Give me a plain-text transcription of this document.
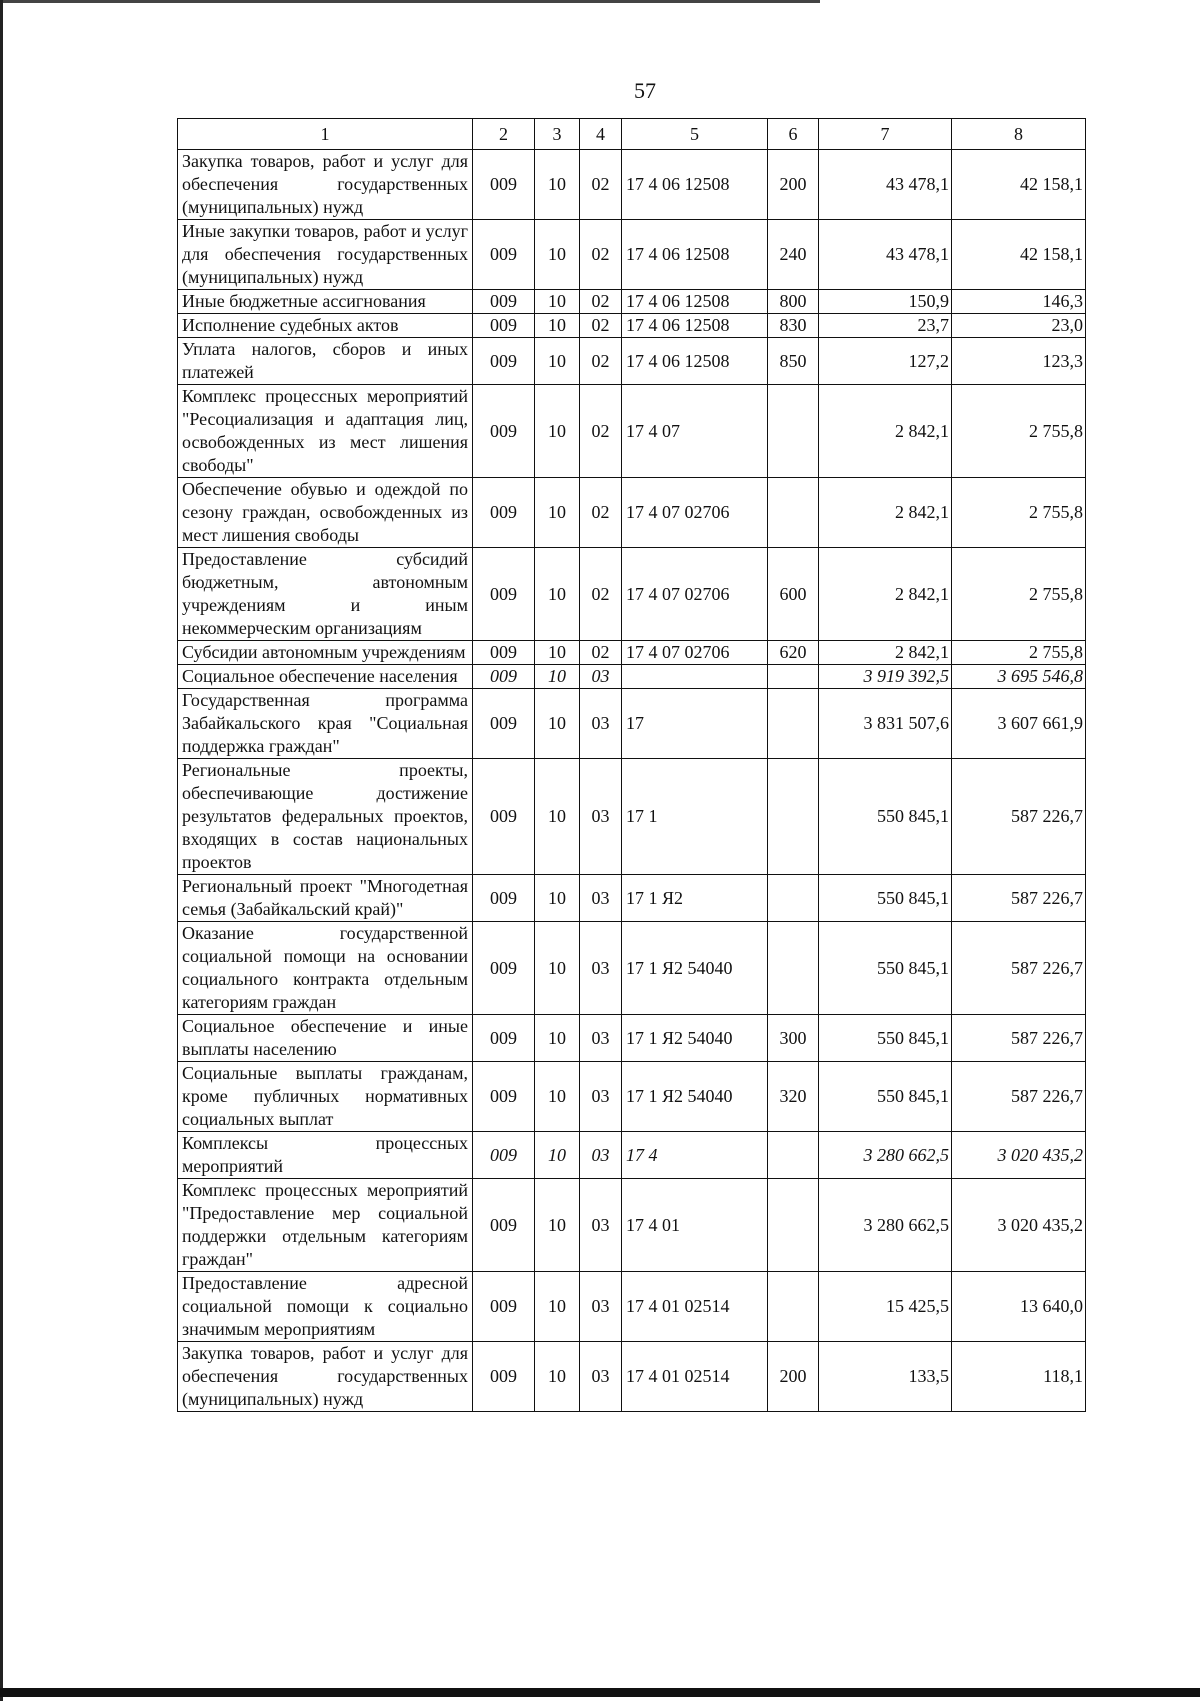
57
1	2	3	4	5	6	7	8
Закупка товаров, работ и услуг для обеспечения государственных (муниципальных) нужд	009	10	02	17 4 06 12508	200	43 478,1	42 158,1
Иные закупки товаров, работ и услуг для обеспечения государственных (муниципальных) нужд	009	10	02	17 4 06 12508	240	43 478,1	42 158,1
Иные бюджетные ассигнования	009	10	02	17 4 06 12508	800	150,9	146,3
Исполнение судебных актов	009	10	02	17 4 06 12508	830	23,7	23,0
Уплата налогов, сборов и иных платежей	009	10	02	17 4 06 12508	850	127,2	123,3
Комплекс процессных мероприятий "Ресоциализация и адаптация лиц, освобожденных из мест лишения свободы"	009	10	02	17 4 07		2 842,1	2 755,8
Обеспечение обувью и одеждой по сезону граждан, освобожденных из мест лишения свободы	009	10	02	17 4 07 02706		2 842,1	2 755,8
Предоставление субсидий бюджетным, автономным учреждениям и иным некоммерческим организациям	009	10	02	17 4 07 02706	600	2 842,1	2 755,8
Субсидии автономным учреждениям	009	10	02	17 4 07 02706	620	2 842,1	2 755,8
Социальное обеспечение населения	009	10	03			3 919 392,5	3 695 546,8
Государственная программа Забайкальского края "Социальная поддержка граждан"	009	10	03	17		3 831 507,6	3 607 661,9
Региональные проекты, обеспечивающие достижение результатов федеральных проектов, входящих в состав национальных проектов	009	10	03	17 1		550 845,1	587 226,7
Региональный проект "Многодетная семья (Забайкальский край)"	009	10	03	17 1 Я2		550 845,1	587 226,7
Оказание государственной социальной помощи на основании социального контракта отдельным категориям граждан	009	10	03	17 1 Я2 54040		550 845,1	587 226,7
Социальное обеспечение и иные выплаты населению	009	10	03	17 1 Я2 54040	300	550 845,1	587 226,7
Социальные выплаты гражданам, кроме публичных нормативных социальных выплат	009	10	03	17 1 Я2 54040	320	550 845,1	587 226,7
Комплексы процессных мероприятий	009	10	03	17 4		3 280 662,5	3 020 435,2
Комплекс процессных мероприятий "Предоставление мер социальной поддержки отдельным категориям граждан"	009	10	03	17 4 01		3 280 662,5	3 020 435,2
Предоставление адресной социальной помощи к социально значимым мероприятиям	009	10	03	17 4 01 02514		15 425,5	13 640,0
Закупка товаров, работ и услуг для обеспечения государственных (муниципальных) нужд	009	10	03	17 4 01 02514	200	133,5	118,1
